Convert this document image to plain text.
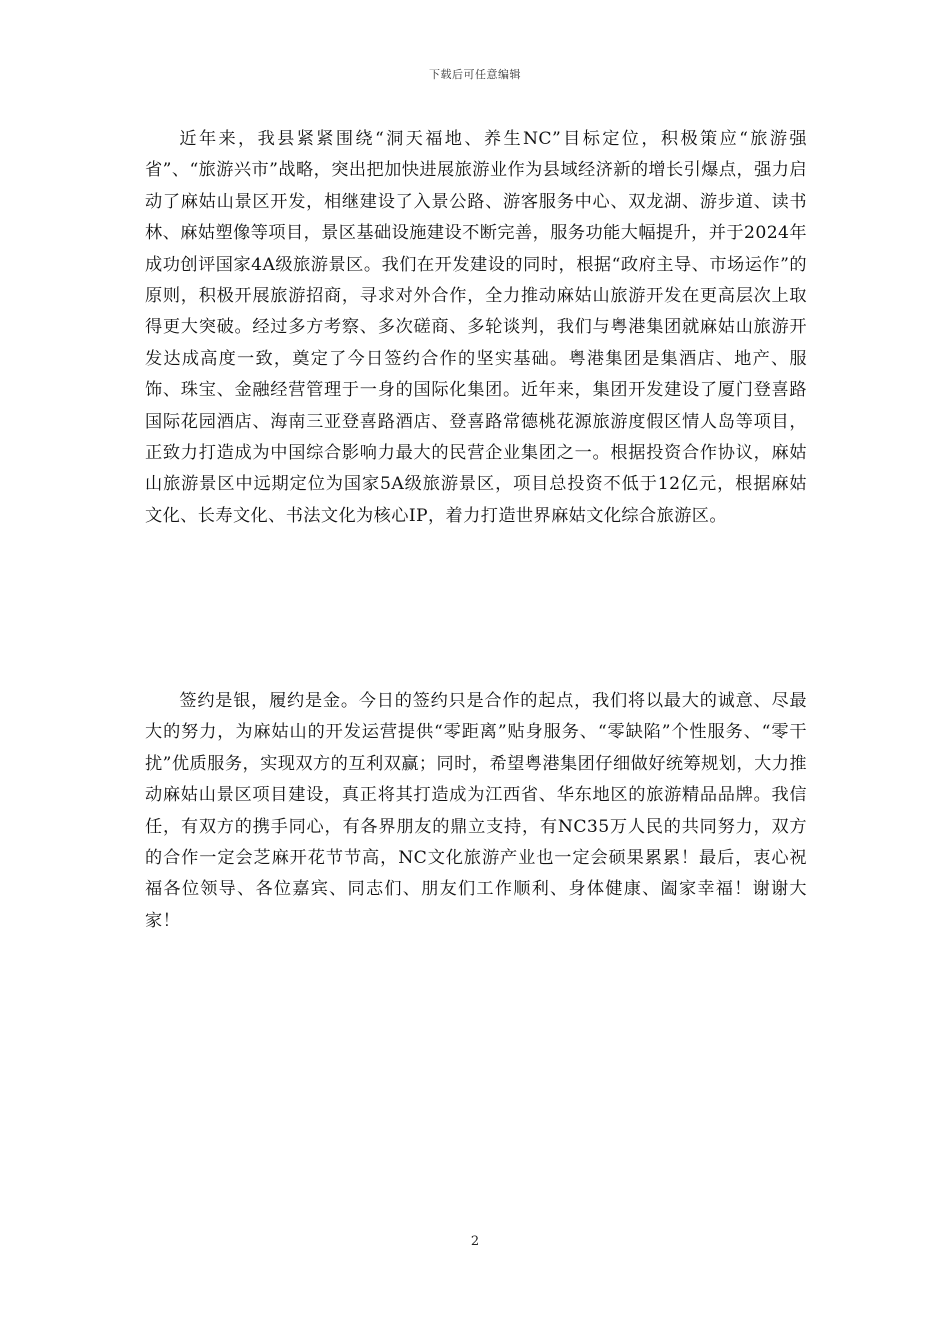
下载后可任意编辑

近年来，我县紧紧围绕“洞天福地、养生NC”目标定位，积极策应“旅游强省”、“旅游兴市”战略，突出把加快进展旅游业作为县域经济新的增长引爆点，强力启动了麻姑山景区开发，相继建设了入景公路、游客服务中心、双龙湖、游步道、读书林、麻姑塑像等项目，景区基础设施建设不断完善，服务功能大幅提升，并于2024年成功创评国家4A级旅游景区。我们在开发建设的同时，根据“政府主导、市场运作”的原则，积极开展旅游招商，寻求对外合作，全力推动麻姑山旅游开发在更高层次上取得更大突破。经过多方考察、多次磋商、多轮谈判，我们与粤港集团就麻姑山旅游开发达成高度一致，奠定了今日签约合作的坚实基础。粤港集团是集酒店、地产、服饰、珠宝、金融经营管理于一身的国际化集团。近年来，集团开发建设了厦门登喜路国际花园酒店、海南三亚登喜路酒店、登喜路常德桃花源旅游度假区情人岛等项目，正致力打造成为中国综合影响力最大的民营企业集团之一。根据投资合作协议，麻姑山旅游景区中远期定位为国家5A级旅游景区，项目总投资不低于12亿元，根据麻姑文化、长寿文化、书法文化为核心IP，着力打造世界麻姑文化综合旅游区。

签约是银，履约是金。今日的签约只是合作的起点，我们将以最大的诚意、尽最大的努力，为麻姑山的开发运营提供“零距离”贴身服务、“零缺陷”个性服务、“零干扰”优质服务，实现双方的互利双赢；同时，希望粤港集团仔细做好统筹规划，大力推动麻姑山景区项目建设，真正将其打造成为江西省、华东地区的旅游精品品牌。我信任，有双方的携手同心，有各界朋友的鼎立支持，有NC35万人民的共同努力，双方的合作一定会芝麻开花节节高，NC文化旅游产业也一定会硕果累累！最后，衷心祝福各位领导、各位嘉宾、同志们、朋友们工作顺利、身体健康、阖家幸福！谢谢大家！

2
